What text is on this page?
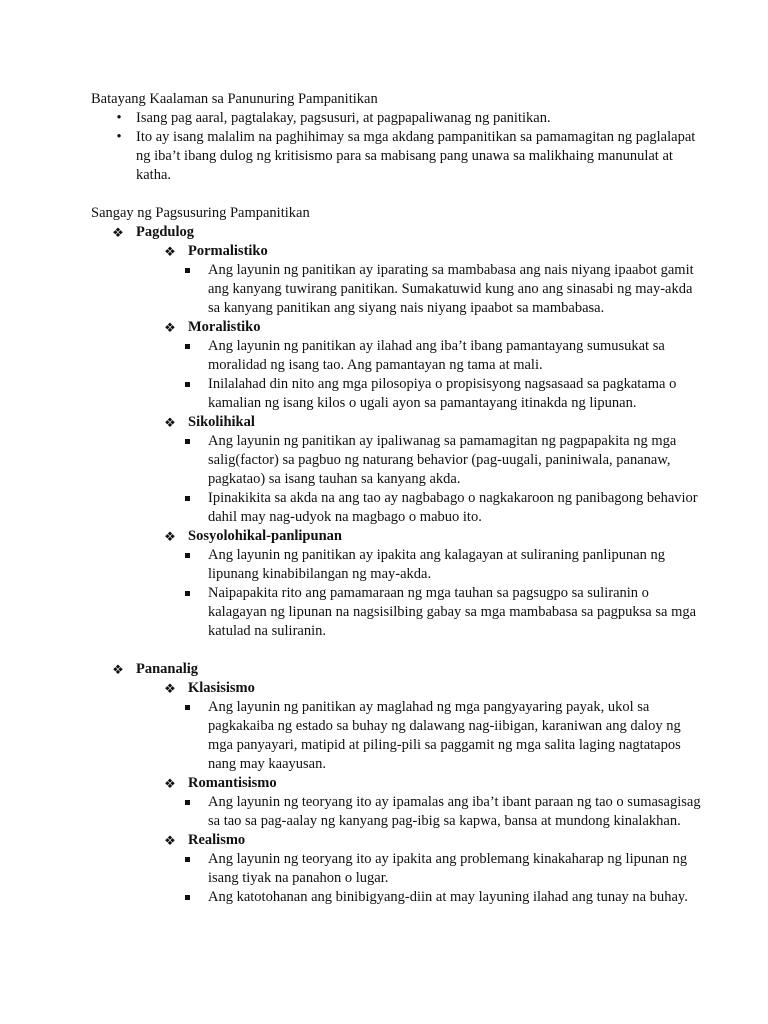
Batayang Kaalaman sa Panunuring Pampanitikan

• Isang pag aaral, pagtalakay, pagsusuri, at pagpapaliwanag ng panitikan.
• Ito ay isang malalim na paghihimay sa mga akdang pampanitikan sa pamamagitan ng paglalapat ng iba’t ibang dulog ng kritisismo para sa mabisang pang unawa sa malikhaing manunulat at katha.

Sangay ng Pagsusuring Pampanitikan

❖ Pagdulog
❖ Pormalistiko
Ang layunin ng panitikan ay iparating sa mambabasa ang nais niyang ipaabot gamit ang kanyang tuwirang panitikan. Sumakatuwid kung ano ang sinasabi ng may-akda sa kanyang panitikan ang siyang nais niyang ipaabot sa mambabasa.
❖ Moralistiko
Ang layunin ng panitikan ay ilahad ang iba’t ibang pamantayang sumusukat sa moralidad ng isang tao. Ang pamantayan ng tama at mali.
Inilalahad din nito ang mga pilosopiya o propisisyong nagsasaad sa pagkatama o kamalian ng isang kilos o ugali ayon sa pamantayang itinakda ng lipunan.
❖ Sikolihikal
Ang layunin ng panitikan ay ipaliwanag sa pamamagitan ng pagpapakita ng mga salig(factor) sa pagbuo ng naturang behavior (pag-uugali, paniniwala, pananaw, pagkatao) sa isang tauhan sa kanyang akda.
Ipinakikita sa akda na ang tao ay nagbabago o nagkakaroon ng panibagong behavior dahil may nag-udyok na magbago o mabuo ito.
❖ Sosyolohikal-panlipunan
Ang layunin ng panitikan ay ipakita ang kalagayan at suliraning panlipunan ng lipunang kinabibilangan ng may-akda.
Naipapakita rito ang pamamaraan ng mga tauhan sa pagsugpo sa suliranin o kalagayan ng lipunan na nagsisilbing gabay sa mga mambabasa sa pagpuksa sa mga katulad na suliranin.
❖ Pananalig
❖ Klasisismo
Ang layunin ng panitikan ay maglahad ng mga pangyayaring payak, ukol sa pagkakaiba ng estado sa buhay ng dalawang nag-iibigan, karaniwan ang daloy ng mga panyayari, matipid at piling-pili sa paggamit ng mga salita laging nagtatapos nang may kaayusan.
❖ Romantisismo
Ang layunin ng teoryang ito ay ipamalas ang iba’t ibant paraan ng tao o sumasagisag sa tao sa pag-aalay ng kanyang pag-ibig sa kapwa, bansa at mundong kinalakhan.
❖ Realismo
Ang layunin ng teoryang ito ay ipakita ang problemang kinakaharap ng lipunan ng isang tiyak na panahon o lugar.
Ang katotohanan ang binibigyang-diin at may layuning ilahad ang tunay na buhay.
